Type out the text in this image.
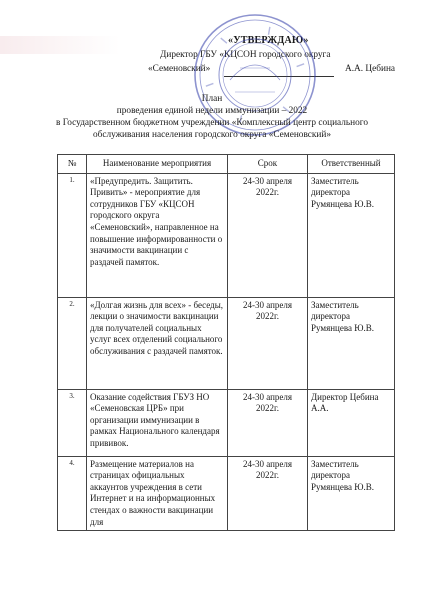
«УТВЕРЖДАЮ»
Директор ГБУ «КЦСОН городского округа
«Семеновский»	А.А. Цебина
План
проведения единой недели иммунизации – 2022
в Государственном бюджетном учреждении «Комплексный центр социального
обслуживания населения городского округа «Семеновский»
№	Наименование мероприятия	Срок	Ответственный
1.	«Предупредить. Защитить. Привить» - мероприятие для сотрудников ГБУ «КЦСОН городского округа «Семеновский», направленное на повышение информированности о значимости вакцинации с раздачей памяток.	24-30 апреля 2022г.	Заместитель директора Румянцева Ю.В.
2.	«Долгая жизнь для всех» - беседы, лекции о значимости вакцинации для получателей социальных услуг всех отделений социального обслуживания с раздачей памяток.	24-30 апреля 2022г.	Заместитель директора Румянцева Ю.В.
3.	Оказание содействия ГБУЗ НО «Семеновская ЦРБ» при организации иммунизации в рамках Национального календаря прививок.	24-30 апреля 2022г.	Директор Цебина А.А.
4.	Размещение материалов на страницах официальных аккаунтов учреждения в сети Интернет и на информационных стендах о важности вакцинации для	24-30 апреля 2022г.	Заместитель директора Румянцева Ю.В.
